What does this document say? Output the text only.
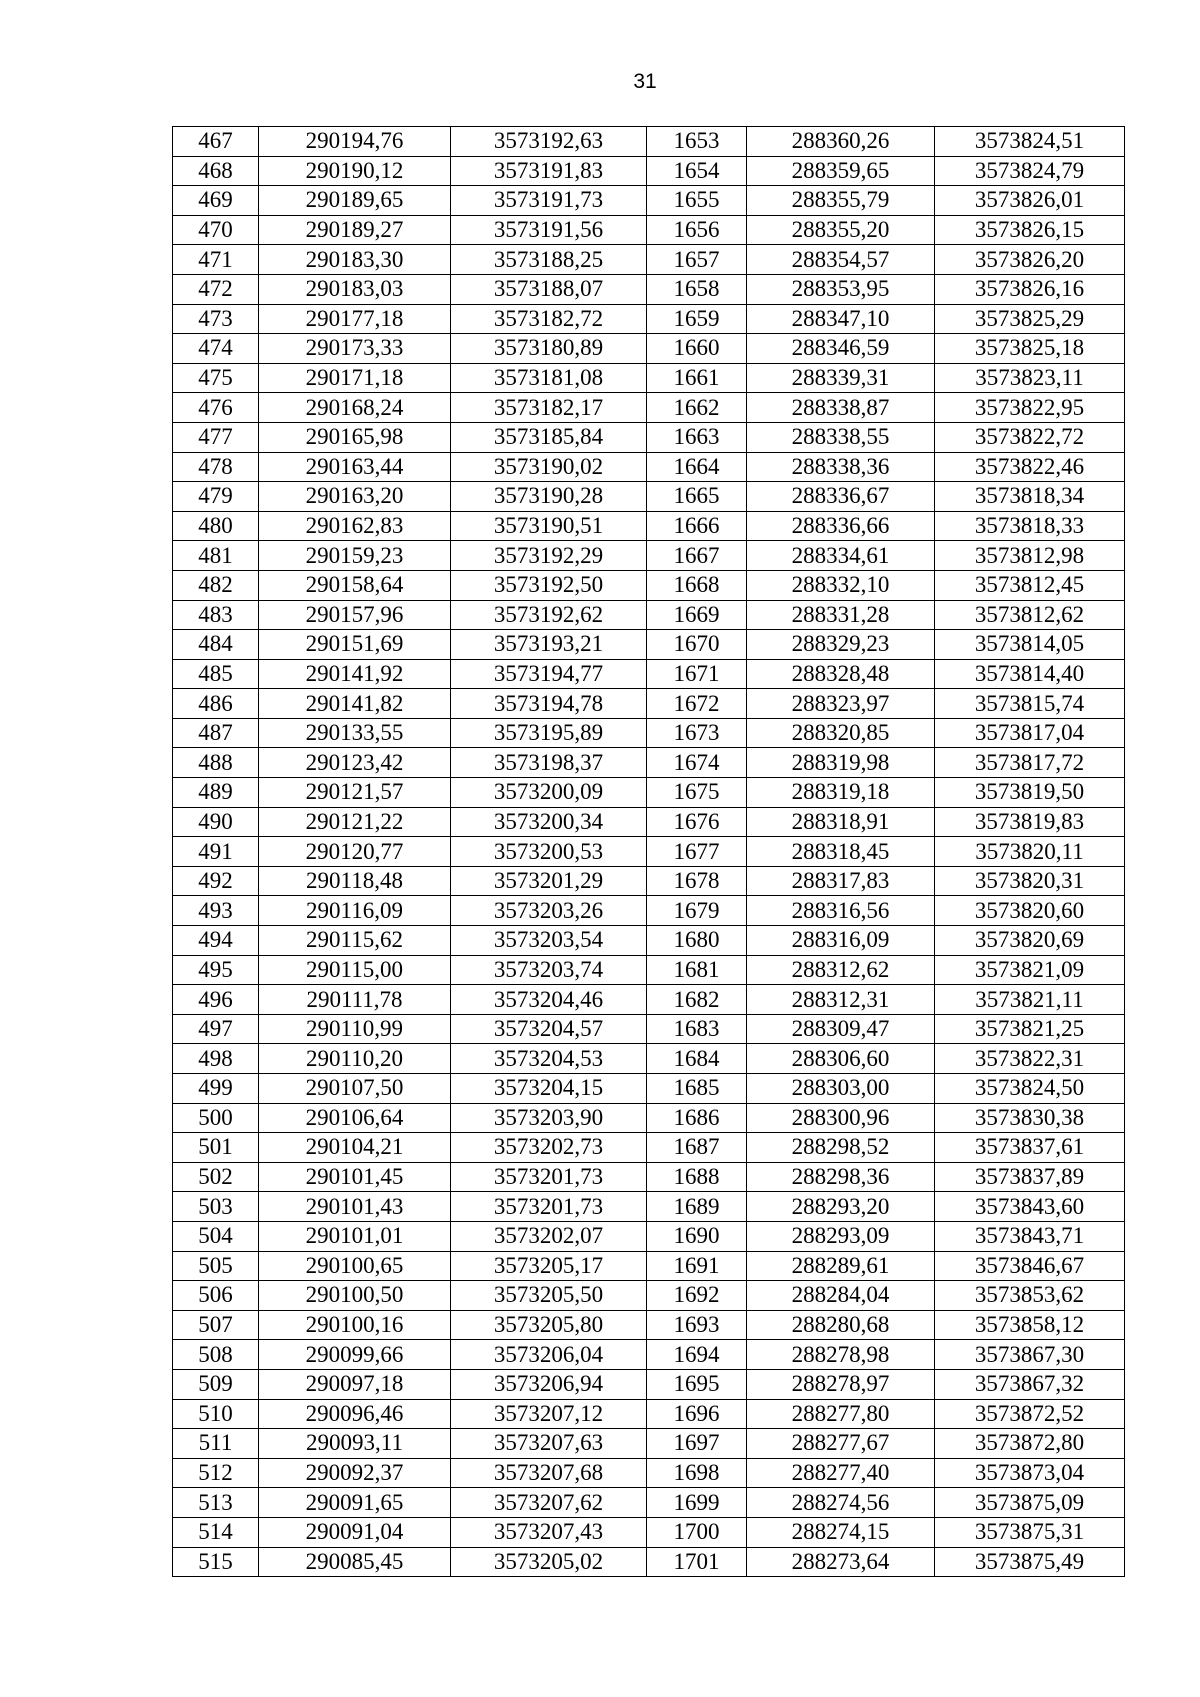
31
467	290194,76	3573192,63	1653	288360,26	3573824,51
468	290190,12	3573191,83	1654	288359,65	3573824,79
469	290189,65	3573191,73	1655	288355,79	3573826,01
470	290189,27	3573191,56	1656	288355,20	3573826,15
471	290183,30	3573188,25	1657	288354,57	3573826,20
472	290183,03	3573188,07	1658	288353,95	3573826,16
473	290177,18	3573182,72	1659	288347,10	3573825,29
474	290173,33	3573180,89	1660	288346,59	3573825,18
475	290171,18	3573181,08	1661	288339,31	3573823,11
476	290168,24	3573182,17	1662	288338,87	3573822,95
477	290165,98	3573185,84	1663	288338,55	3573822,72
478	290163,44	3573190,02	1664	288338,36	3573822,46
479	290163,20	3573190,28	1665	288336,67	3573818,34
480	290162,83	3573190,51	1666	288336,66	3573818,33
481	290159,23	3573192,29	1667	288334,61	3573812,98
482	290158,64	3573192,50	1668	288332,10	3573812,45
483	290157,96	3573192,62	1669	288331,28	3573812,62
484	290151,69	3573193,21	1670	288329,23	3573814,05
485	290141,92	3573194,77	1671	288328,48	3573814,40
486	290141,82	3573194,78	1672	288323,97	3573815,74
487	290133,55	3573195,89	1673	288320,85	3573817,04
488	290123,42	3573198,37	1674	288319,98	3573817,72
489	290121,57	3573200,09	1675	288319,18	3573819,50
490	290121,22	3573200,34	1676	288318,91	3573819,83
491	290120,77	3573200,53	1677	288318,45	3573820,11
492	290118,48	3573201,29	1678	288317,83	3573820,31
493	290116,09	3573203,26	1679	288316,56	3573820,60
494	290115,62	3573203,54	1680	288316,09	3573820,69
495	290115,00	3573203,74	1681	288312,62	3573821,09
496	290111,78	3573204,46	1682	288312,31	3573821,11
497	290110,99	3573204,57	1683	288309,47	3573821,25
498	290110,20	3573204,53	1684	288306,60	3573822,31
499	290107,50	3573204,15	1685	288303,00	3573824,50
500	290106,64	3573203,90	1686	288300,96	3573830,38
501	290104,21	3573202,73	1687	288298,52	3573837,61
502	290101,45	3573201,73	1688	288298,36	3573837,89
503	290101,43	3573201,73	1689	288293,20	3573843,60
504	290101,01	3573202,07	1690	288293,09	3573843,71
505	290100,65	3573205,17	1691	288289,61	3573846,67
506	290100,50	3573205,50	1692	288284,04	3573853,62
507	290100,16	3573205,80	1693	288280,68	3573858,12
508	290099,66	3573206,04	1694	288278,98	3573867,30
509	290097,18	3573206,94	1695	288278,97	3573867,32
510	290096,46	3573207,12	1696	288277,80	3573872,52
511	290093,11	3573207,63	1697	288277,67	3573872,80
512	290092,37	3573207,68	1698	288277,40	3573873,04
513	290091,65	3573207,62	1699	288274,56	3573875,09
514	290091,04	3573207,43	1700	288274,15	3573875,31
515	290085,45	3573205,02	1701	288273,64	3573875,49
